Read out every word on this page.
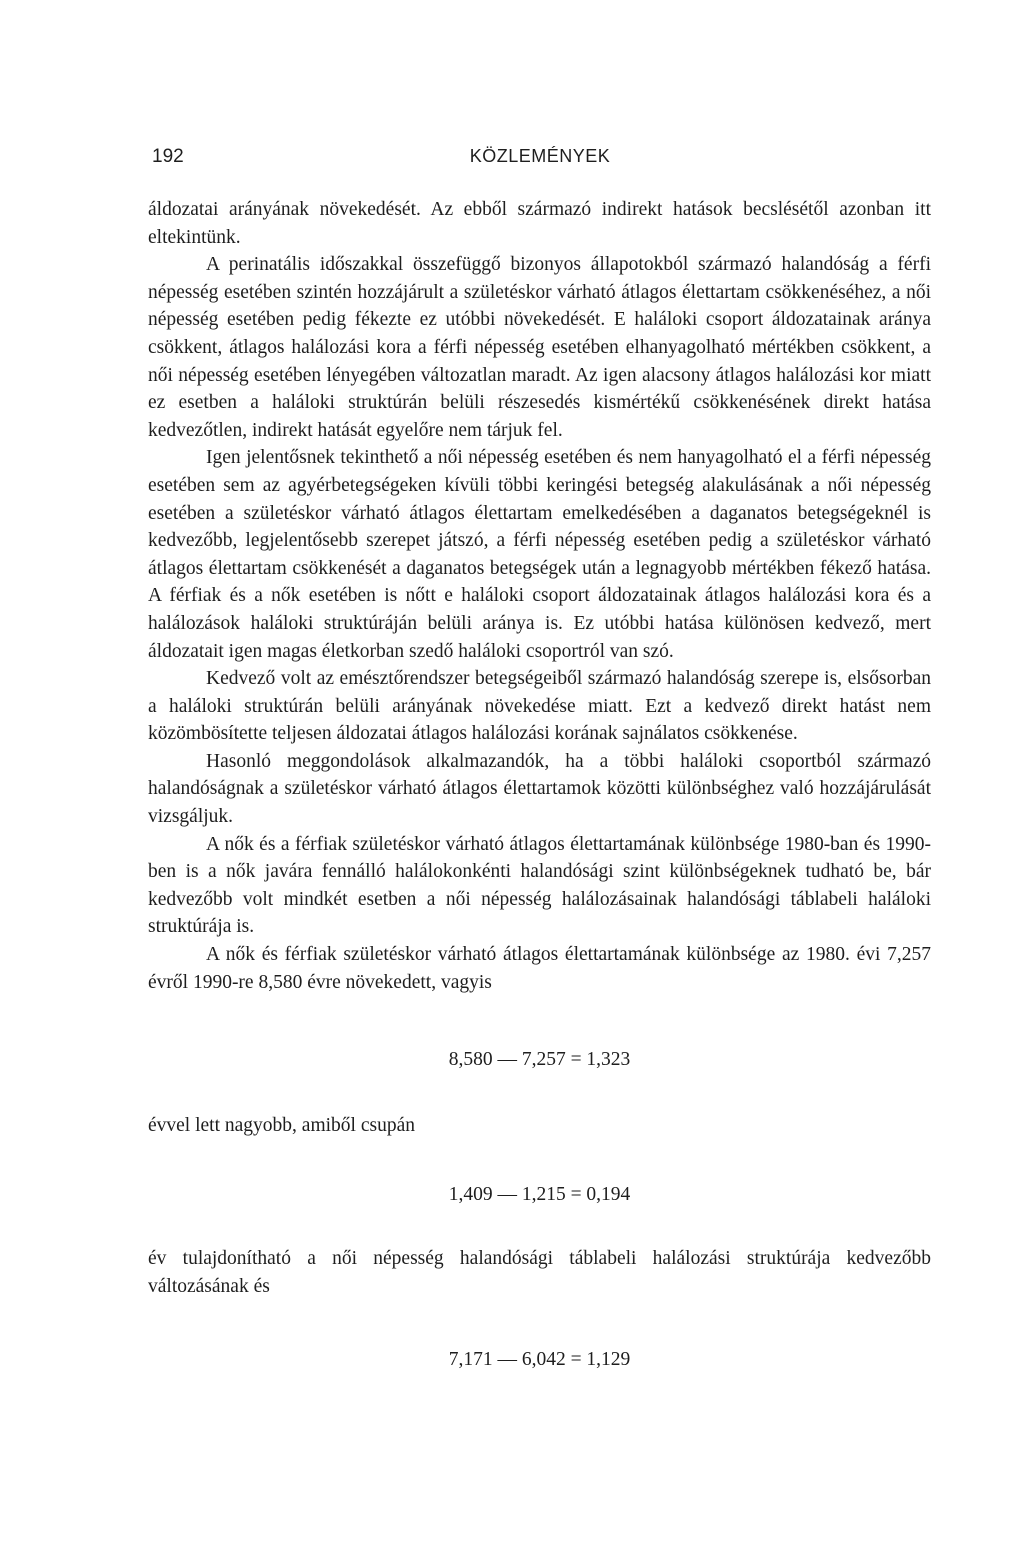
192	KÖZLEMÉNYEK

áldozatai arányának növekedését. Az ebből származó indirekt hatások becslésétől azonban itt eltekintünk.

A perinatális időszakkal összefüggő bizonyos állapotokból származó halandóság a férfi népesség esetében szintén hozzájárult a születéskor várható átlagos élettartam csökkenéséhez, a női népesség esetében pedig fékezte ez utóbbi növekedését. E haláloki csoport áldozatainak aránya csökkent, átlagos halálozási kora a férfi népesség esetében elhanyagolható mértékben csökkent, a női népesség esetében lényegében változatlan maradt. Az igen alacsony átlagos halálozási kor miatt ez esetben a haláloki struktúrán belüli részesedés kismértékű csökkenésének direkt hatása kedvezőtlen, indirekt hatását egyelőre nem tárjuk fel.

Igen jelentősnek tekinthető a női népesség esetében és nem hanyagolható el a férfi népesség esetében sem az agyérbetegségeken kívüli többi keringési betegség alakulásának a női népesség esetében a születéskor várható átlagos élettartam emelkedésében a daganatos betegségeknél is kedvezőbb, legjelentősebb szerepet játszó, a férfi népesség esetében pedig a születéskor várható átlagos élettartam csökkenését a daganatos betegségek után a legnagyobb mértékben fékező hatása. A férfiak és a nők esetében is nőtt e haláloki csoport áldozatainak átlagos halálozási kora és a halálozások haláloki struktúráján belüli aránya is. Ez utóbbi hatása különösen kedvező, mert áldozatait igen magas életkorban szedő haláloki csoportról van szó.

Kedvező volt az emésztőrendszer betegségeiből származó halandóság szerepe is, elsősorban a haláloki struktúrán belüli arányának növekedése miatt. Ezt a kedvező direkt hatást nem közömbösítette teljesen áldozatai átlagos halálozási korának sajnálatos csökkenése.

Hasonló meggondolások alkalmazandók, ha a többi haláloki csoportból származó halandóságnak a születéskor várható átlagos élettartamok közötti különbséghez való hozzájárulását vizsgáljuk.

A nők és a férfiak születéskor várható átlagos élettartamának különbsége 1980-ban és 1990-ben is a nők javára fennálló halálokonkénti halandósági szint különbségeknek tudható be, bár kedvezőbb volt mindkét esetben a női népesség halálozásainak halandósági táblabeli haláloki struktúrája is.

A nők és férfiak születéskor várható átlagos élettartamának különbsége az 1980. évi 7,257 évről 1990-re 8,580 évre növekedett, vagyis

8,580 — 7,257 = 1,323

évvel lett nagyobb, amiből csupán

1,409 — 1,215 = 0,194

év tulajdonítható a női népesség halandósági táblabeli halálozási struktúrája kedvezőbb változásának és

7,171 — 6,042 = 1,129
